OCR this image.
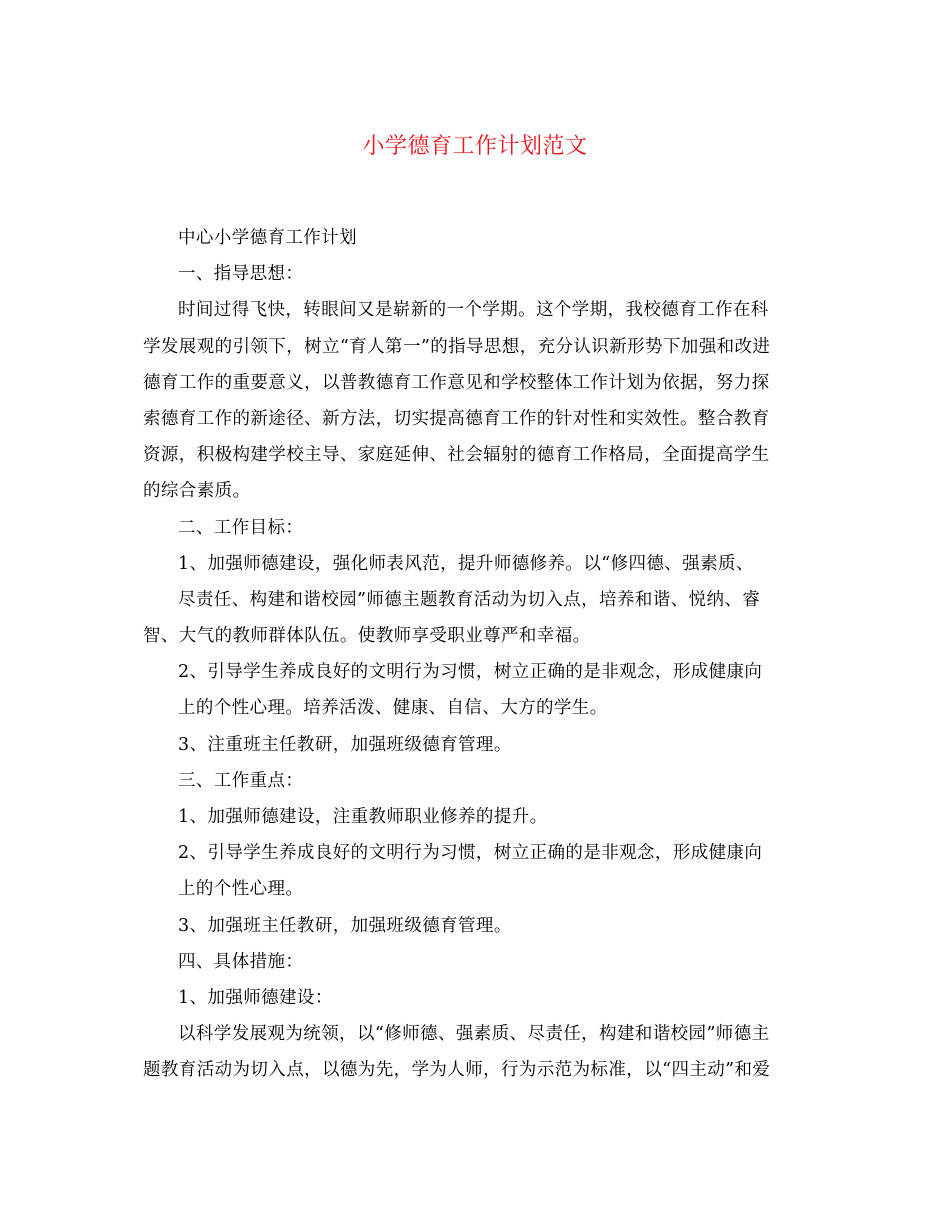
小学德育工作计划范文
中心小学德育工作计划
一、指导思想：
时间过得飞快，转眼间又是崭新的一个学期。这个学期，我校德育工作在科
学发展观的引领下，树立“育人第一”的指导思想，充分认识新形势下加强和改进
德育工作的重要意义，以普教德育工作意见和学校整体工作计划为依据，努力探
索德育工作的新途径、新方法，切实提高德育工作的针对性和实效性。整合教育
资源，积极构建学校主导、家庭延伸、社会辐射的德育工作格局，全面提高学生
的综合素质。
二、工作目标：
1、加强师德建设，强化师表风范，提升师德修养。以“修四德、强素质、
尽责任、构建和谐校园”师德主题教育活动为切入点，培养和谐、悦纳、睿
智、大气的教师群体队伍。使教师享受职业尊严和幸福。
2、引导学生养成良好的文明行为习惯，树立正确的是非观念，形成健康向
上的个性心理。培养活泼、健康、自信、大方的学生。
3、注重班主任教研，加强班级德育管理。
三、工作重点：
1、加强师德建设，注重教师职业修养的提升。
2、引导学生养成良好的文明行为习惯，树立正确的是非观念，形成健康向
上的个性心理。
3、加强班主任教研，加强班级德育管理。
四、具体措施：
1、加强师德建设：
以科学发展观为统领，以“修师德、强素质、尽责任，构建和谐校园”师德主
题教育活动为切入点，以德为先，学为人师，行为示范为标准，以“四主动”和爱
